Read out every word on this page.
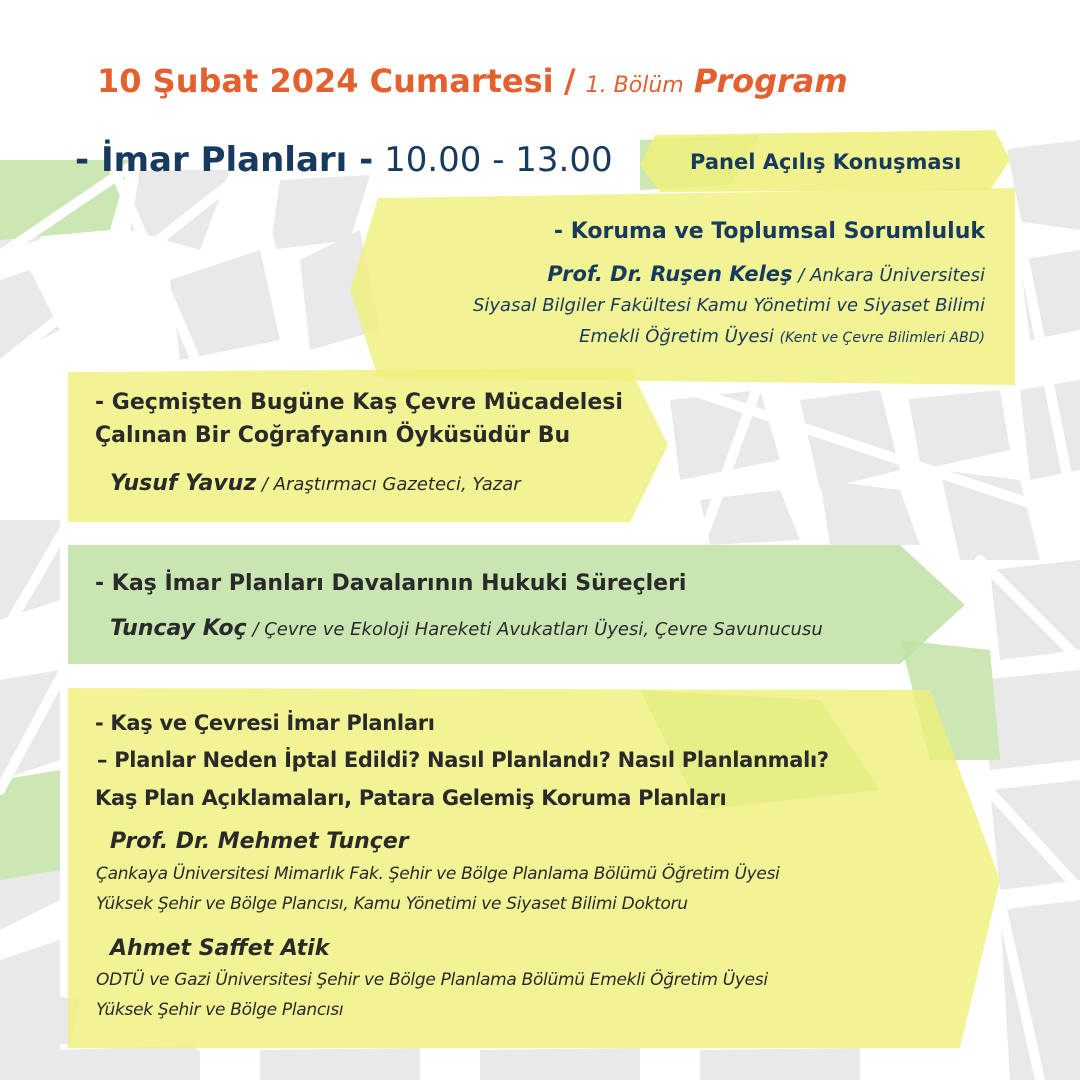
10 Şubat 2024 Cumartesi / 1. Bölüm Program
- İmar Planları - 10.00 - 13.00	Panel Açılış Konuşması
- Koruma ve Toplumsal Sorumluluk
Prof. Dr. Ruşen Keleş / Ankara Üniversitesi
Siyasal Bilgiler Fakültesi Kamu Yönetimi ve Siyaset Bilimi
Emekli Öğretim Üyesi (Kent ve Çevre Bilimleri ABD)
- Geçmişten Bugüne Kaş Çevre Mücadelesi
Çalınan Bir Coğrafyanın Öyküsüdür Bu
Yusuf Yavuz / Araştırmacı Gazeteci, Yazar
- Kaş İmar Planları Davalarının Hukuki Süreçleri
Tuncay Koç / Çevre ve Ekoloji Hareketi Avukatları Üyesi, Çevre Savunucusu
- Kaş ve Çevresi İmar Planları
– Planlar Neden İptal Edildi? Nasıl Planlandı? Nasıl Planlanmalı?
Kaş Plan Açıklamaları, Patara Gelemiş Koruma Planları
Prof. Dr. Mehmet Tunçer
Çankaya Üniversitesi Mimarlık Fak. Şehir ve Bölge Planlama Bölümü Öğretim Üyesi
Yüksek Şehir ve Bölge Plancısı, Kamu Yönetimi ve Siyaset Bilimi Doktoru
Ahmet Saffet Atik
ODTÜ ve Gazi Üniversitesi Şehir ve Bölge Planlama Bölümü Emekli Öğretim Üyesi
Yüksek Şehir ve Bölge Plancısı
